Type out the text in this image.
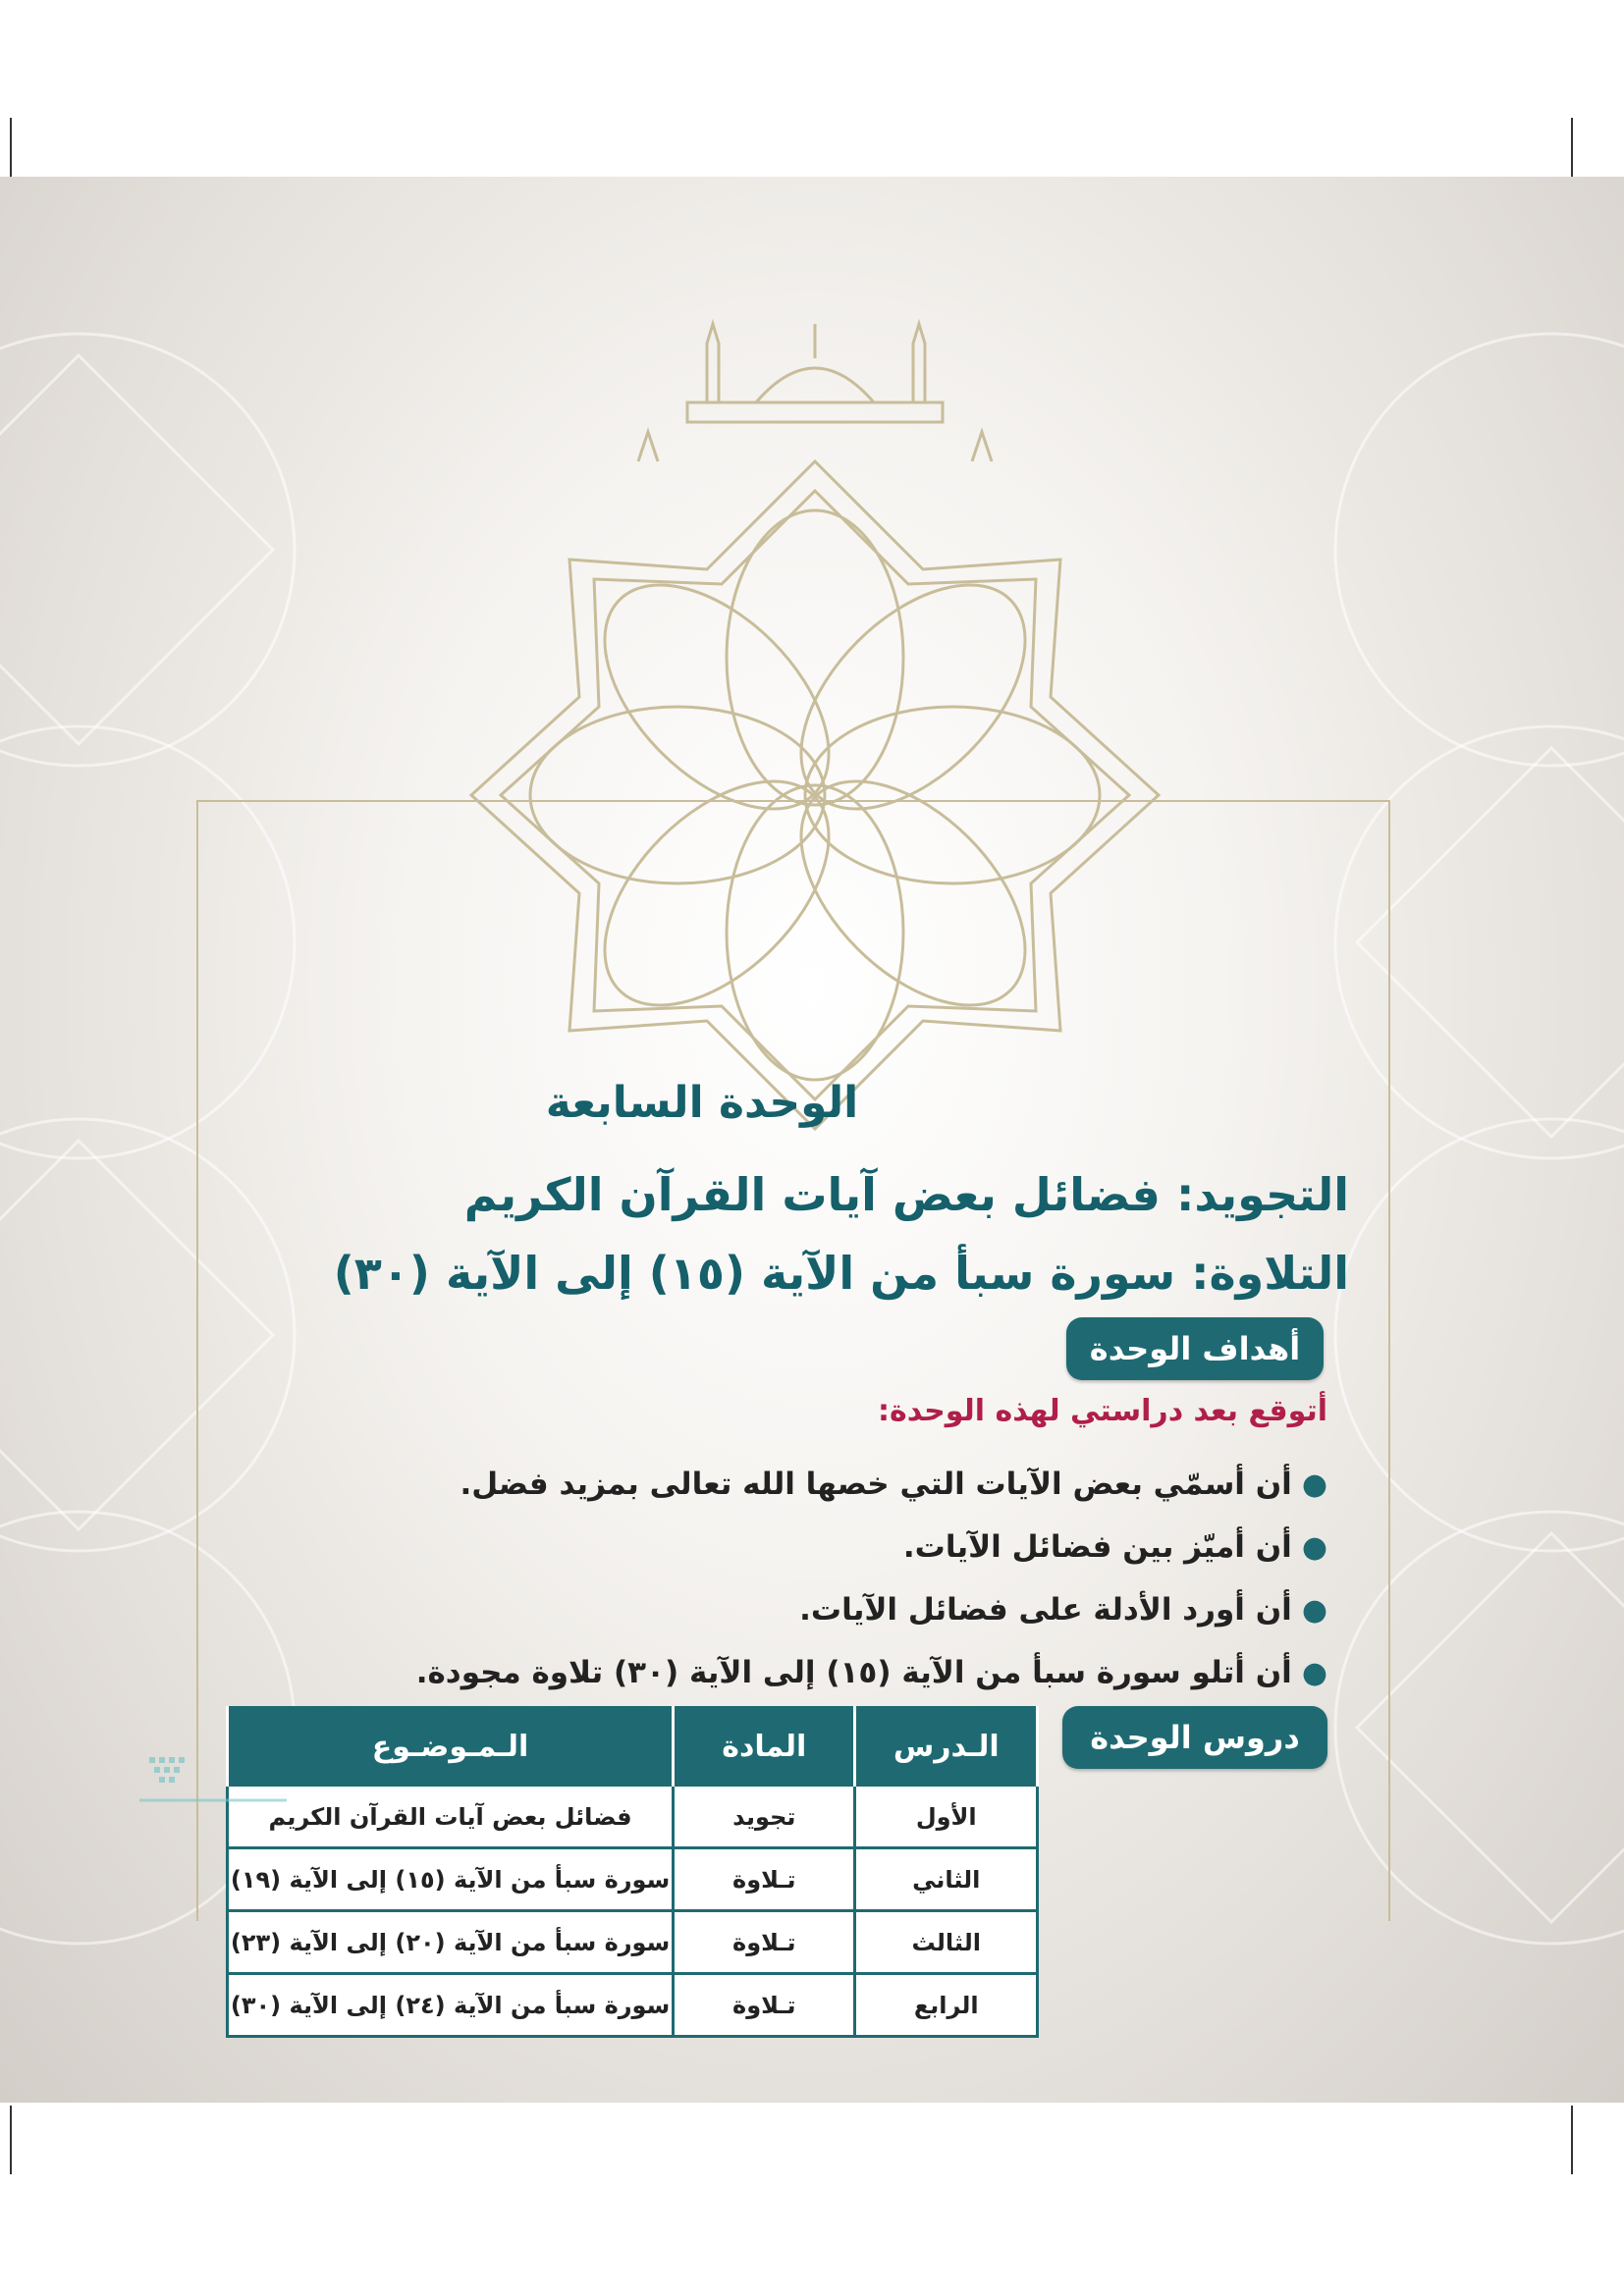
الوحدة السابعة
التجويد: فضائل بعض آيات القرآن الكريم
التلاوة: سورة سبأ من الآية (١٥) إلى الآية (٣٠)
أهداف الوحدة
أتوقع بعد دراستي لهذه الوحدة:
●أن أسمّي بعض الآيات التي خصها الله تعالى بمزيد فضل.
●أن أميّز بين فضائل الآيات.
●أن أورد الأدلة على فضائل الآيات.
●أن أتلو سورة سبأ من الآية (١٥) إلى الآية (٣٠) تلاوة مجودة.
دروس الوحدة
الـدرس	المادة	الـمـوضـوع
الأول	تجويد	فضائل بعض آيات القرآن الكريم
الثاني	تـلاوة	سورة سبأ من الآية (١٥) إلى الآية (١٩)
الثالث	تـلاوة	سورة سبأ من الآية (٢٠) إلى الآية (٢٣)
الرابع	تـلاوة	سورة سبأ من الآية (٢٤) إلى الآية (٣٠)
